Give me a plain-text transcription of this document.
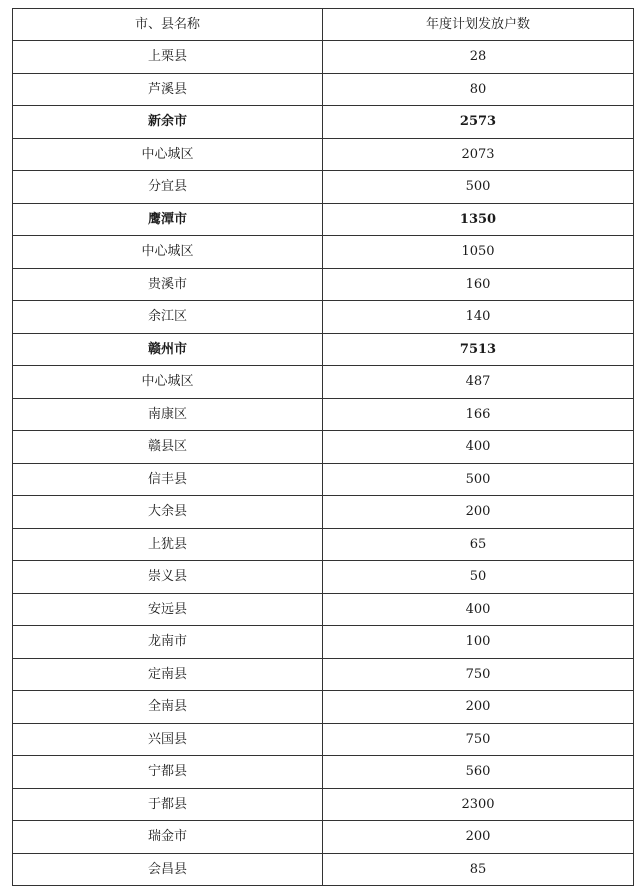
市、县名称	年度计划发放户数
上栗县	28
芦溪县	80
新余市	2573
中心城区	2073
分宜县	500
鹰潭市	1350
中心城区	1050
贵溪市	160
余江区	140
赣州市	7513
中心城区	487
南康区	166
赣县区	400
信丰县	500
大余县	200
上犹县	65
崇义县	50
安远县	400
龙南市	100
定南县	750
全南县	200
兴国县	750
宁都县	560
于都县	2300
瑞金市	200
会昌县	85
